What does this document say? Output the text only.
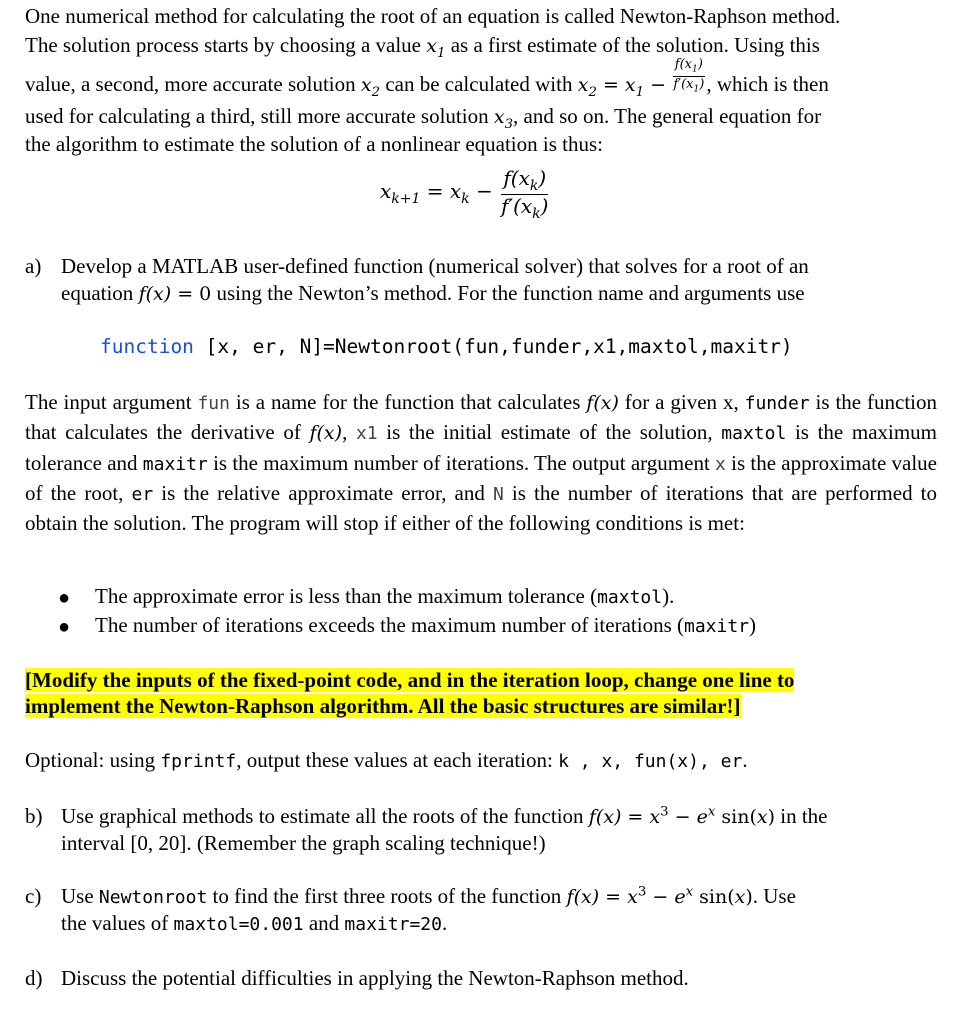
One numerical method for calculating the root of an equation is called Newton-Raphson method.
The solution process starts by choosing a value $x_1$ as a first estimate of the solution. Using this
value, a second, more accurate solution $x_2$ can be calculated with $x_2 = x_1 - \frac{f(x_1)}{f'(x_1)}$ , which is then
used for calculating a third, still more accurate solution $x_3$, and so on. The general equation for
the algorithm to estimate the solution of a nonlinear equation is thus:
$x_{k+1} = x_k - \frac{f(x_k)}{f'(x_k)}$
a) Develop a MATLAB user-defined function (numerical solver) that solves for a root of an
equation f(x) = 0 using the Newton’s method. For the function name and arguments use
function [x, er, N]=Newtonroot(fun,funder,x1,maxtol,maxitr)
The input argument fun is a name for the function that calculates f(x) for a given x, funder is the function that calculates the derivative of f(x), x1 is the initial estimate of the solution, maxtol is the maximum tolerance and maxitr is the maximum number of iterations. The output argument x is the approximate value of the root, er is the relative approximate error, and N is the number of iterations that are performed to obtain the solution. The program will stop if either of the following conditions is met:
● The approximate error is less than the maximum tolerance (maxtol).
● The number of iterations exceeds the maximum number of iterations (maxitr)
[Modify the inputs of the fixed-point code, and in the iteration loop, change one line to
implement the Newton-Raphson algorithm. All the basic structures are similar!]
Optional: using fprintf, output these values at each iteration: k , x, fun(x), er.
b) Use graphical methods to estimate all the roots of the function $f(x) = x^3 - e^x$ sin(x) in the
interval [0, 20]. (Remember the graph scaling technique!)
c) Use Newtonroot to find the first three roots of the function $f(x) = x^3 - e^x$ sin(x). Use
the values of maxtol=0.001 and maxitr=20.
d) Discuss the potential difficulties in applying the Newton-Raphson method.
